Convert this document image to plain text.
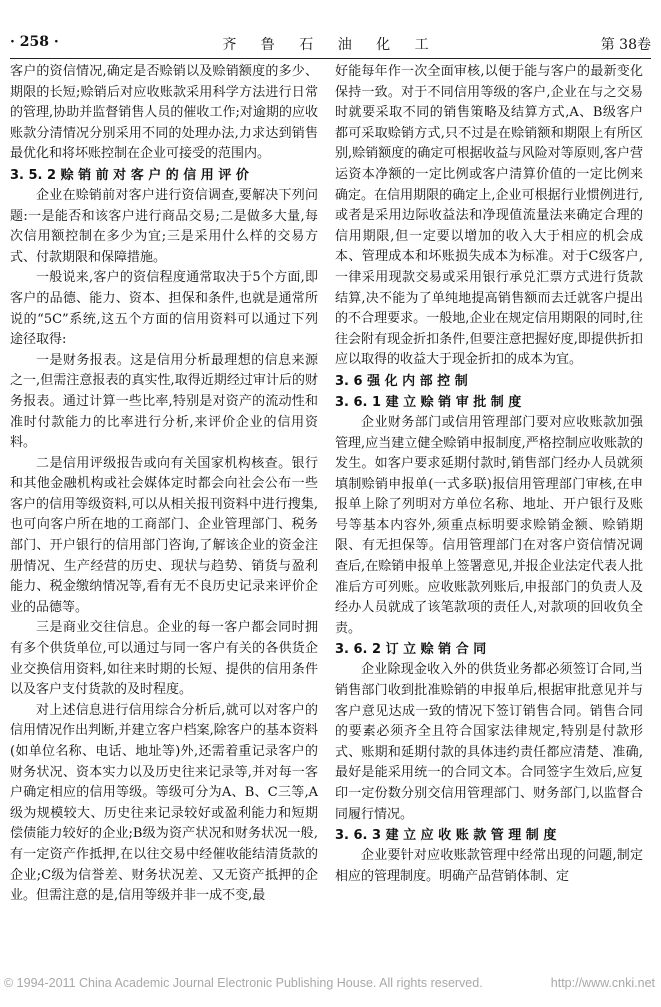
· 258 ·	齐 鲁 石 油 化 工	第 38卷

客户的资信情况,确定是否赊销以及赊销额度的多少、期限的长短;赊销后对应收账款采用科学方法进行日常的管理,协助并监督销售人员的催收工作;对逾期的应收账款分清情况分别采用不同的处理办法,力求达到销售最优化和将坏账控制在企业可接受的范围内。

3. 5. 2 赊 销 前 对 客 户 的 信 用 评 价

企业在赊销前对客户进行资信调查,要解决下列问题:一是能否和该客户进行商品交易;二是做多大量,每次信用额控制在多少为宜;三是采用什么样的交易方式、付款期限和保障措施。

一般说来,客户的资信程度通常取决于5个方面,即客户的品德、能力、资本、担保和条件,也就是通常所说的“5C”系统,这五个方面的信用资料可以通过下列途径取得:

一是财务报表。这是信用分析最理想的信息来源之一,但需注意报表的真实性,取得近期经过审计后的财务报表。通过计算一些比率,特别是对资产的流动性和准时付款能力的比率进行分析,来评价企业的信用资料。

二是信用评级报告或向有关国家机构核查。银行和其他金融机构或社会媒体定时都会向社会公布一些客户的信用等级资料,可以从相关报刊资料中进行搜集,也可向客户所在地的工商部门、企业管理部门、税务部门、开户银行的信用部门咨询,了解该企业的资金注册情况、生产经营的历史、现状与趋势、销货与盈利能力、税金缴纳情况等,看有无不良历史记录来评价企业的品德等。

三是商业交往信息。企业的每一客户都会同时拥有多个供货单位,可以通过与同一客户有关的各供货企业交换信用资料,如往来时期的长短、提供的信用条件以及客户支付货款的及时程度。

对上述信息进行信用综合分析后,就可以对客户的信用情况作出判断,并建立客户档案,除客户的基本资料(如单位名称、电话、地址等)外,还需着重记录客户的财务状况、资本实力以及历史往来记录等,并对每一客户确定相应的信用等级。等级可分为A、B、C三等,A级为规模较大、历史往来记录较好或盈利能力和短期偿债能力较好的企业;B级为资产状况和财务状况一般,有一定资产作抵押,在以往交易中经催收能结清货款的企业;C级为信誉差、财务状况差、又无资产抵押的企业。但需注意的是,信用等级并非一成不变,最

好能每年作一次全面审核,以便于能与客户的最新变化保持一致。对于不同信用等级的客户,企业在与之交易时就要采取不同的销售策略及结算方式,A、B级客户都可采取赊销方式,只不过是在赊销额和期限上有所区别,赊销额度的确定可根据收益与风险对等原则,客户营运资本净额的一定比例或客户清算价值的一定比例来确定。在信用期限的确定上,企业可根据行业惯例进行,或者是采用边际收益法和净现值流量法来确定合理的信用期限,但一定要以增加的收入大于相应的机会成本、管理成本和坏账损失成本为标准。对于C级客户,一律采用现款交易或采用银行承兑汇票方式进行货款结算,决不能为了单纯地提高销售额而去迁就客户提出的不合理要求。一般地,企业在规定信用期限的同时,往往会附有现金折扣条件,但要注意把握好度,即提供折扣应以取得的收益大于现金折扣的成本为宜。

3. 6 强 化 内 部 控 制
3. 6. 1 建 立 赊 销 审 批 制 度

企业财务部门或信用管理部门要对应收账款加强管理,应当建立健全赊销申报制度,严格控制应收账款的发生。如客户要求延期付款时,销售部门经办人员就须填制赊销申报单(一式多联)报信用管理部门审核,在申报单上除了列明对方单位名称、地址、开户银行及账号等基本内容外,须重点标明要求赊销金额、赊销期限、有无担保等。信用管理部门在对客户资信情况调查后,在赊销申报单上签署意见,并报企业法定代表人批准后方可列账。应收账款列账后,申报部门的负责人及经办人员就成了该笔款项的责任人,对款项的回收负全责。

3. 6. 2 订 立 赊 销 合 同

企业除现金收入外的供货业务都必须签订合同,当销售部门收到批准赊销的申报单后,根据审批意见并与客户意见达成一致的情况下签订销售合同。销售合同的要素必须齐全且符合国家法律规定,特别是付款形式、账期和延期付款的具体违约责任都应清楚、准确,最好是能采用统一的合同文本。合同签字生效后,应复印一定份数分别交信用管理部门、财务部门,以监督合同履行情况。

3. 6. 3 建 立 应 收 账 款 管 理 制 度

企业要针对应收账款管理中经常出现的问题,制定相应的管理制度。明确产品营销体制、定

© 1994-2011 China Academic Journal Electronic Publishing House. All rights reserved.	http://www.cnki.net
